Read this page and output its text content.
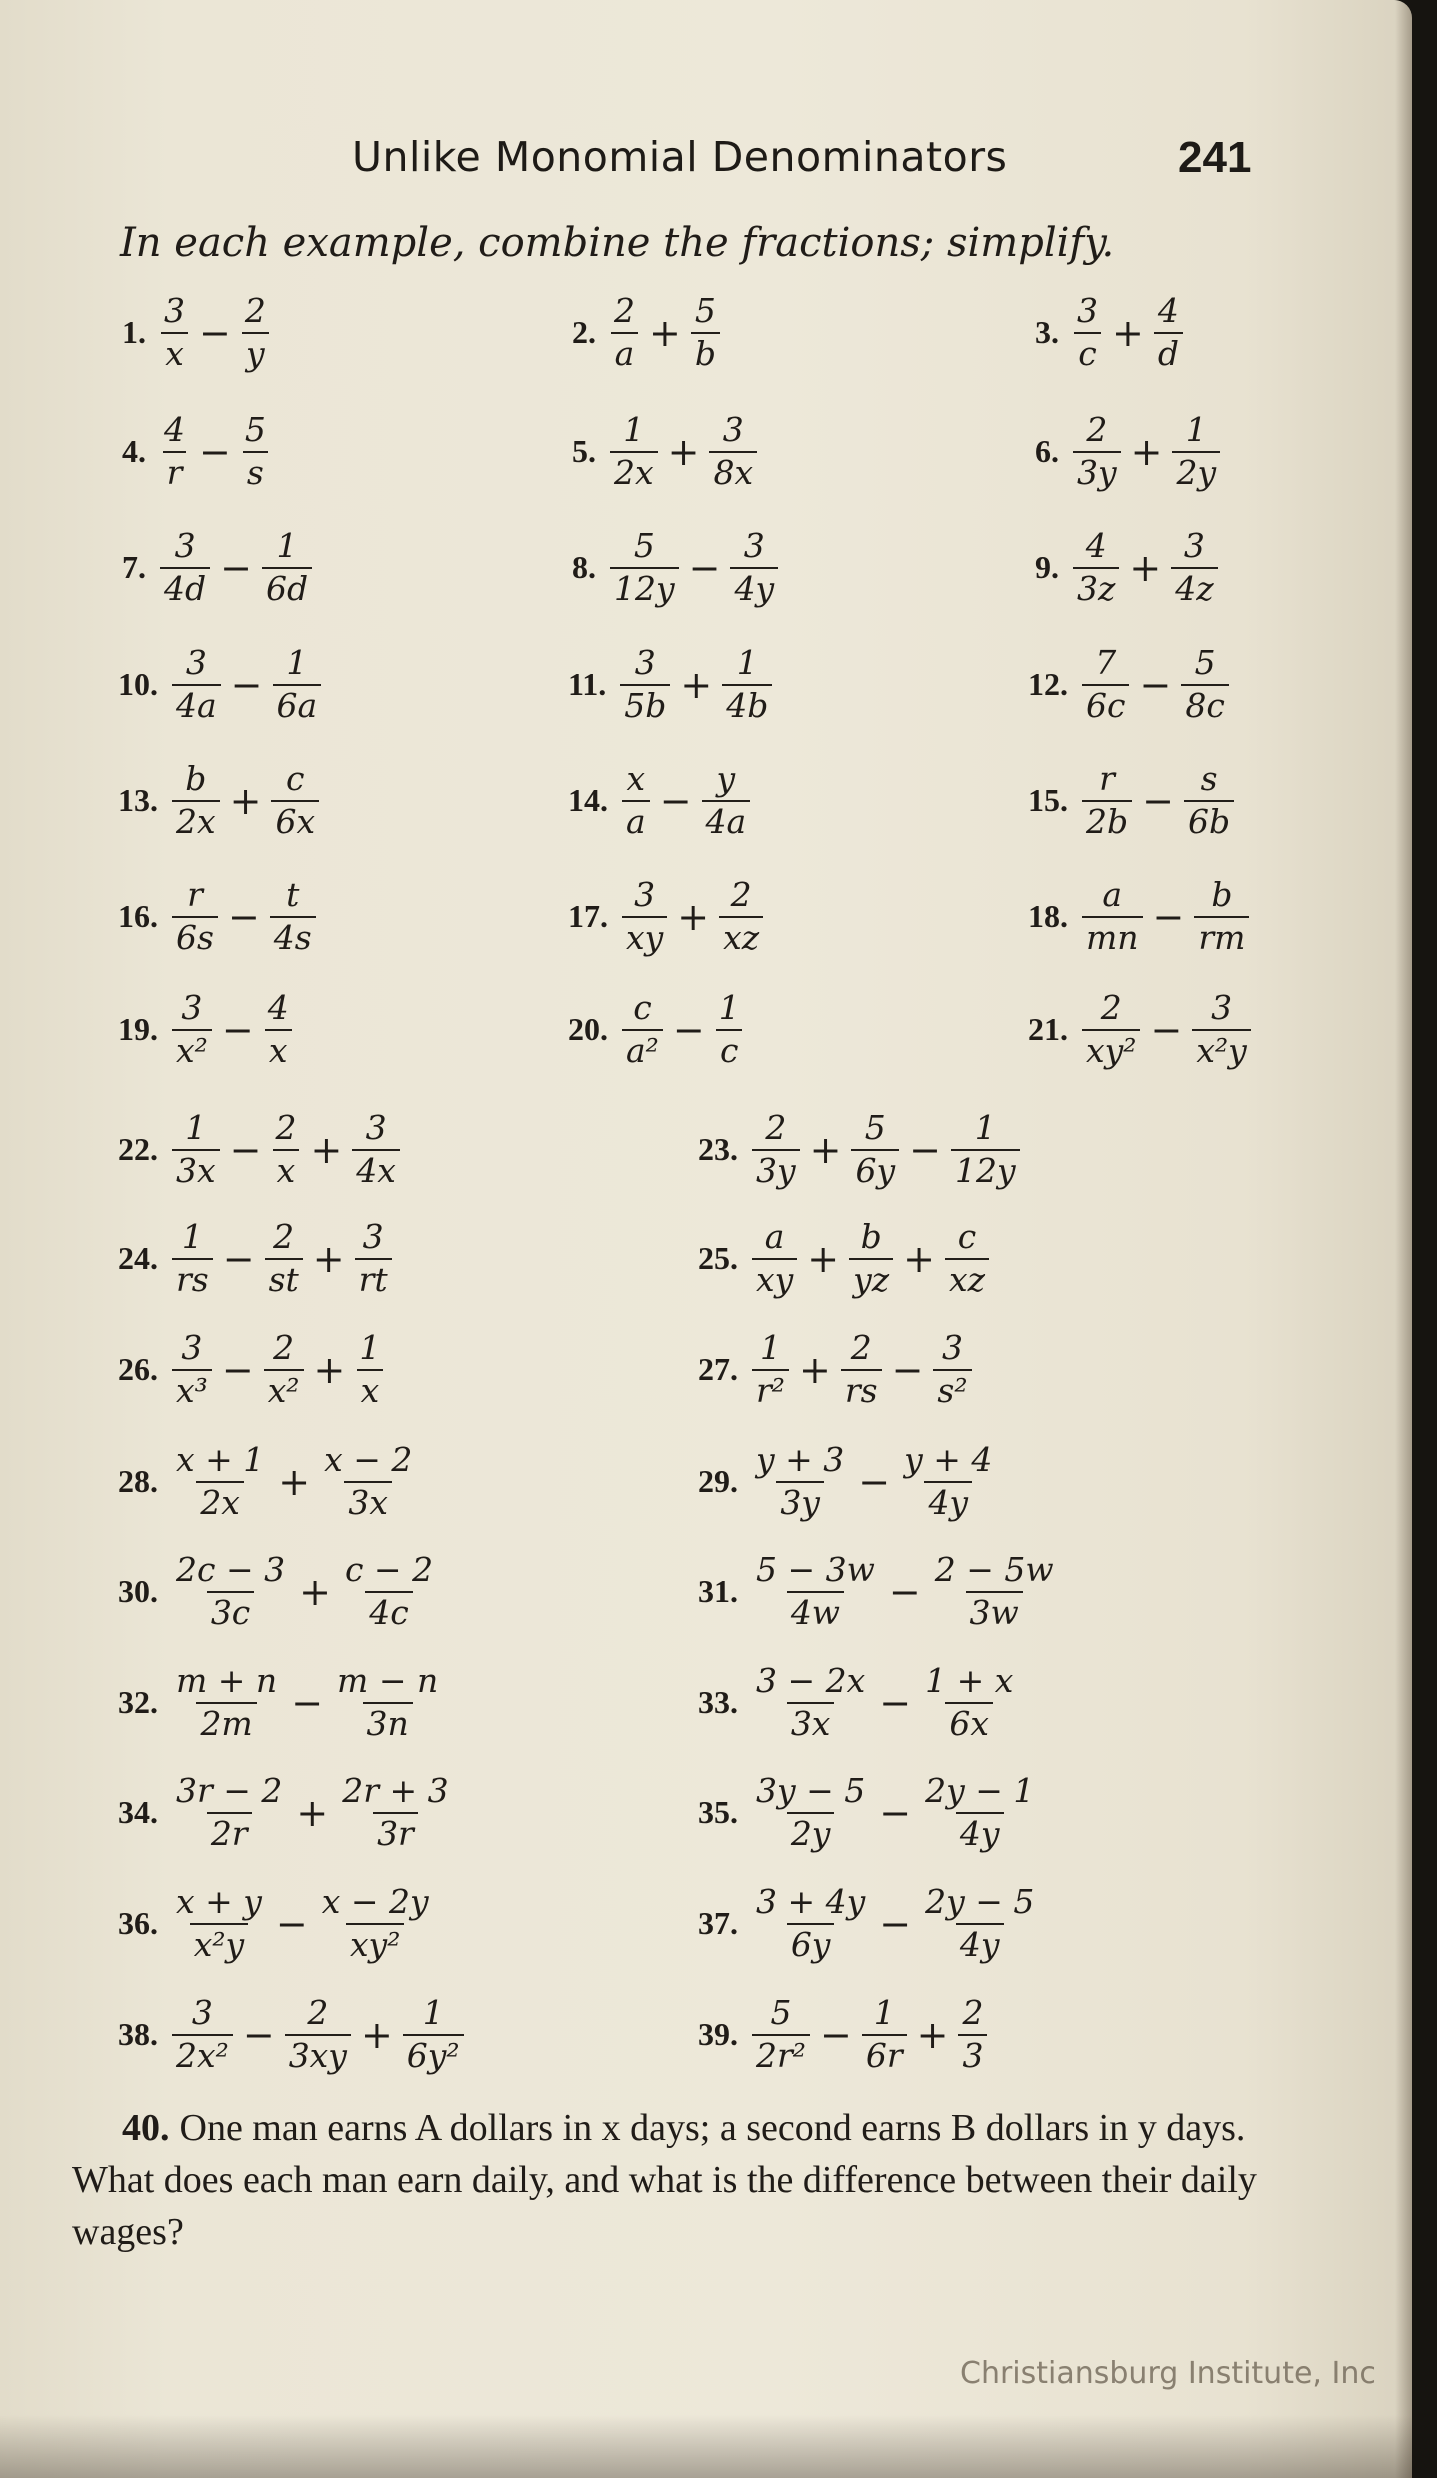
Unlike Monomial Denominators	241
In each example, combine the fractions; simplify.
1. $\frac{3}{x} - \frac{2}{y}$	2. $\frac{2}{a} + \frac{5}{b}$	3. $\frac{3}{c} + \frac{4}{d}$
4. $\frac{4}{r} - \frac{5}{s}$	5. $\frac{1}{2x} + \frac{3}{8x}$	6. $\frac{2}{3y} + \frac{1}{2y}$
7. $\frac{3}{4d} - \frac{1}{6d}$	8. $\frac{5}{12y} - \frac{3}{4y}$	9. $\frac{4}{3z} + \frac{3}{4z}$
10. $\frac{3}{4a} - \frac{1}{6a}$	11. $\frac{3}{5b} + \frac{1}{4b}$	12. $\frac{7}{6c} - \frac{5}{8c}$
13. $\frac{b}{2x} + \frac{c}{6x}$	14. $\frac{x}{a} - \frac{y}{4a}$	15. $\frac{r}{2b} - \frac{s}{6b}$
16. $\frac{r}{6s} - \frac{t}{4s}$	17. $\frac{3}{xy} + \frac{2}{xz}$	18. $\frac{a}{mn} - \frac{b}{rm}$
19. $\frac{3}{\text{x²}} - \frac{4}{x}$	20. $\frac{c}{\text{a²}} - \frac{1}{c}$	21. $\frac{2}{\text{xy²}} - \frac{3}{\text{x²y}}$
22. $\frac{1}{3x} - \frac{2}{x} + \frac{3}{4x}$	23. $\frac{2}{3y} + \frac{5}{6y} - \frac{1}{12y}$
24. $\frac{1}{rs} - \frac{2}{st} + \frac{3}{rt}$	25. $\frac{a}{xy} + \frac{b}{yz} + \frac{c}{xz}$
26. $\frac{3}{\text{x³}} - \frac{2}{\text{x²}} + \frac{1}{x}$	27. $\frac{1}{\text{r²}} + \frac{2}{rs} - \frac{3}{\text{s²}}$
28. $\frac{x + 1}{2x} + \frac{x - 2}{3x}$	29. $\frac{y + 3}{3y} - \frac{y + 4}{4y}$
30. $\frac{2c - 3}{3c} + \frac{c - 2}{4c}$	31. $\frac{5 - 3w}{4w} - \frac{2 - 5w}{3w}$
32. $\frac{m + n}{2m} - \frac{m - n}{3n}$	33. $\frac{3 - 2x}{3x} - \frac{1 + x}{6x}$
34. $\frac{3r - 2}{2r} + \frac{2r + 3}{3r}$	35. $\frac{3y - 5}{2y} - \frac{2y - 1}{4y}$
36. $\frac{x + y}{\text{x²y}} - \frac{x - 2y}{\text{xy²}}$	37. $\frac{3 + 4y}{6y} - \frac{2y - 5}{4y}$
38. $\frac{3}{\text{2x²}} - \frac{2}{3xy} + \frac{1}{\text{6y²}}$	39. $\frac{5}{\text{2r²}} - \frac{1}{6r} + \frac{2}{3}$
40. One man earns A dollars in x days; a second earns B dollars in y days. What does each man earn daily, and what is the difference between their daily wages?
Christiansburg Institute, Inc
